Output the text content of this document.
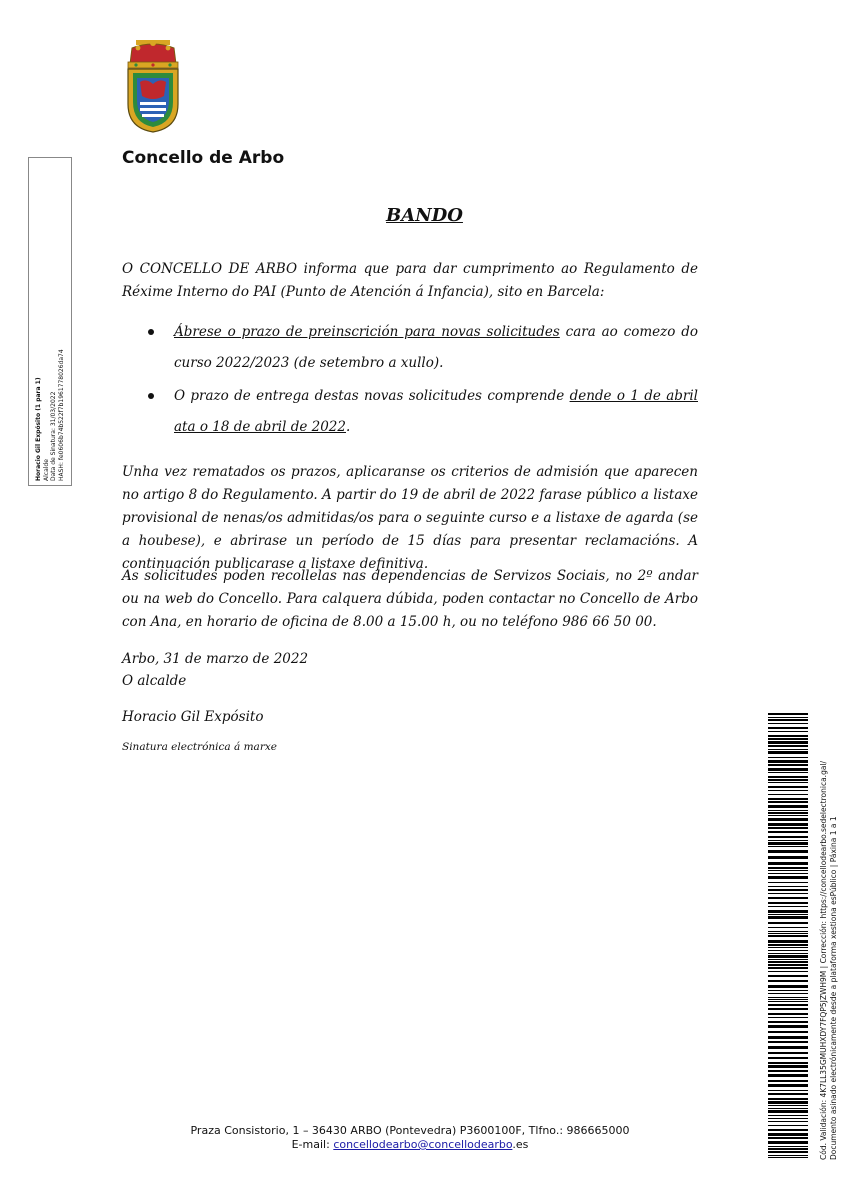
Concello de Arbo
BANDO
O CONCELLO DE ARBO informa que para dar cumprimento ao Regulamento de Réxime Interno do PAI (Punto de Atención á Infancia), sito en Barcela:
Ábrese o prazo de preinscrición para novas solicitudes cara ao comezo do curso 2022/2023 (de setembro a xullo).
O prazo de entrega destas novas solicitudes comprende dende o 1 de abril ata o 18 de abril de 2022.
Unha vez rematados os prazos, aplicaranse os criterios de admisión que aparecen no artigo 8 do Regulamento. A partir do 19 de abril de 2022 farase público a listaxe provisional de nenas/os admitidas/os para o seguinte curso e a listaxe de agarda (se a houbese), e abrirase un período de 15 días para presentar reclamacións. A continuación publicarase a listaxe definitiva.
As solicitudes poden recollelas nas dependencias de Servizos Sociais, no 2º andar ou na web do Concello. Para calquera dúbida, poden contactar no Concello de Arbo con Ana, en horario de oficina de 8.00 a 15.00 h, ou no teléfono 986 66 50 00.
Arbo, 31 de marzo de 2022
O alcalde
Horacio Gil Expósito
Sinatura electrónica á marxe
Horacio Gil Expósito (1 para 1) Alcalde Data de Sinatura: 31/03/2022 HASH: fe0606b74b522f7b1961778026da74
Cód. Validación: 4K7LL35GMUHXDY7FQP5JZWH9M | Corrección: https://concellodearbo.sedelectronica.gal/ Documento asinado electrónicamente desde a plataforma xestiona esPúblico | Páxina 1 a 1
Praza Consistorio, 1 – 36430 ARBO (Pontevedra) P3600100F, Tlfno.: 986665000
E-mail: concellodearbo@concellodearbo.es
